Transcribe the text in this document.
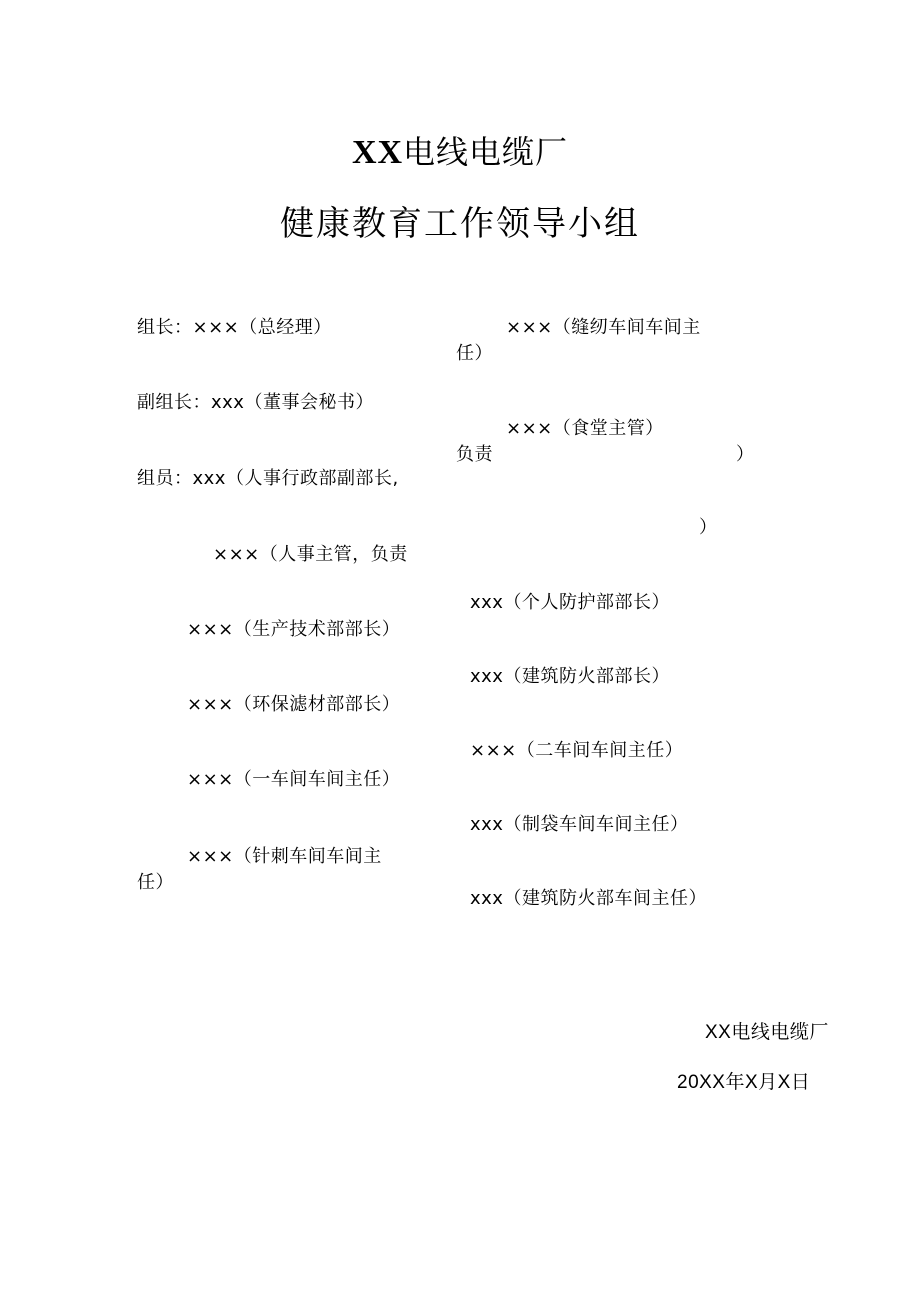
XX电线电缆厂
健康教育工作领导小组
组长：×××（总经理）
副组长：xxx（董事会秘书）
组员：xxx（人事行政部副部长,
×××（人事主管，负责
×××（生产技术部部长）
×××（环保滤材部部长）
×××（一车间车间主任）
×××（针刺车间车间主
任）
×××（缝纫车间车间主
任）
×××（食堂主管）
负责	）
）
xxx（个人防护部部长）
xxx（建筑防火部部长）
×××（二车间车间主任）
xxx（制袋车间车间主任）
xxx（建筑防火部车间主任）
XX电线电缆厂
20XX年X月X日
